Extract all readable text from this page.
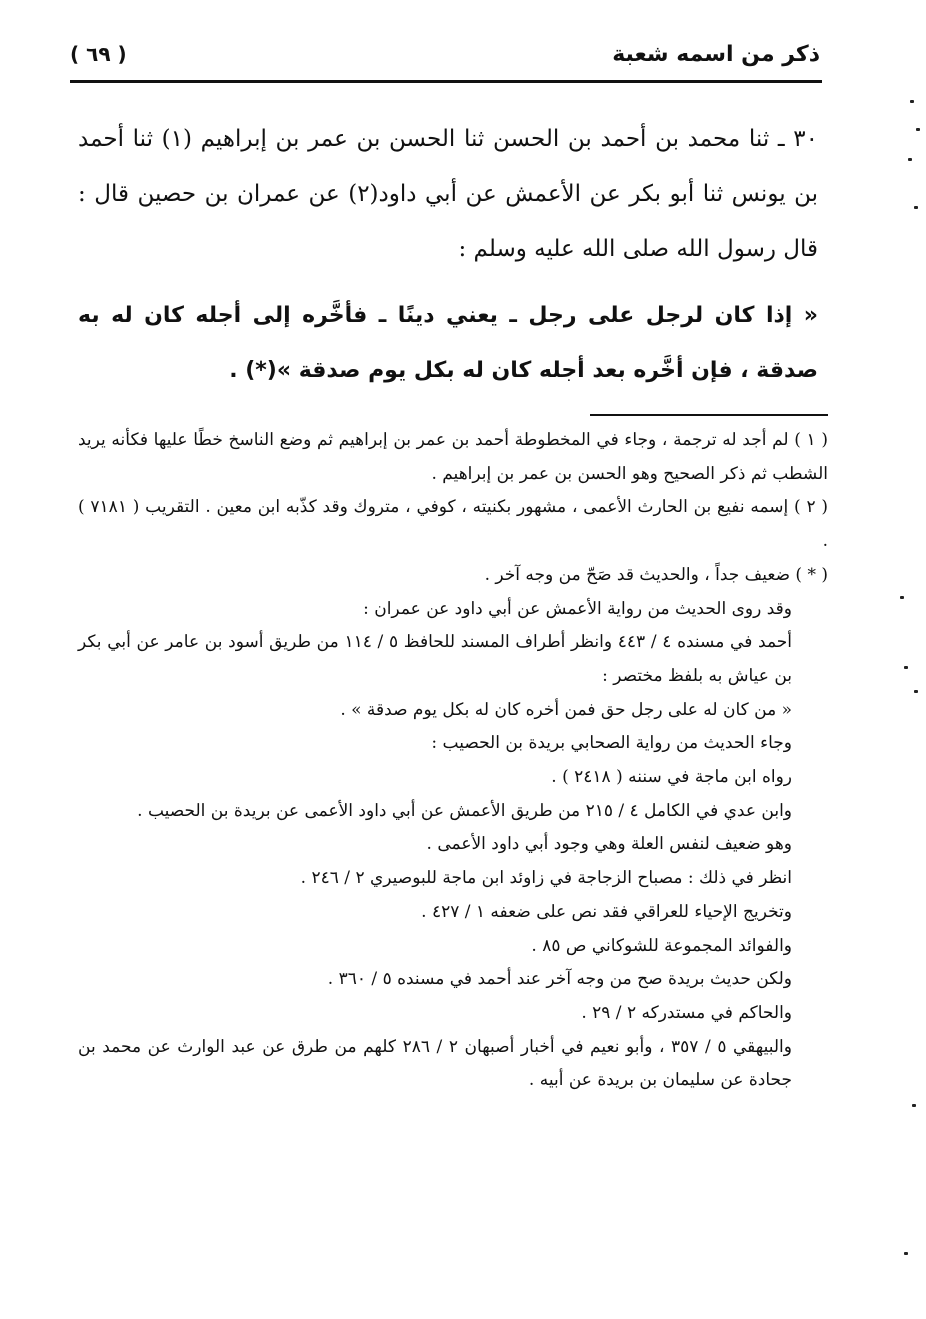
ذكر من اسمه شعبة
( ٦٩ )

٣٠ ـ ثنا محمد بن أحمد بن الحسن ثنا الحسن بن عمر بن إبراهيم (١) ثنا أحمد بن يونس ثنا أبو بكر عن الأعمش عن أبي داود(٢) عن عمران بن حصين قال : قال رسول الله صلى الله عليه وسلم :

« إذا كان لرجل على رجل ـ يعني دينًا ـ فأخَّره إلى أجله كان له به صدقة ، فإن أخَّره بعد أجله كان له بكل يوم صدقة »(*) .

( ١ ) لم أجد له ترجمة ، وجاء في المخطوطة أحمد بن عمر بن إبراهيم ثم وضع الناسخ خطًا عليها فكأنه يريد الشطب ثم ذكر الصحيح وهو الحسن بن عمر بن إبراهيم .

( ٢ ) إسمه نفيع بن الحارث الأعمى ، مشهور بكنيته ، كوفي ، متروك وقد كذّبه ابن معين . التقريب ( ٧١٨١ ) .

( * ) ضعيف جداً ، والحديث قد صَحّ من وجه آخر .

وقد روى الحديث من رواية الأعمش عن أبي داود عن عمران :

أحمد في مسنده ٤ / ٤٤٣ وانظر أطراف المسند للحافظ ٥ / ١١٤ من طريق أسود بن عامر عن أبي بكر بن عياش به بلفظ مختصر :

« من كان له على رجل حق فمن أخره كان له بكل يوم صدقة » .

وجاء الحديث من رواية الصحابي بريدة بن الحصيب :

رواه ابن ماجة في سننه ( ٢٤١٨ ) .

وابن عدي في الكامل ٤ / ٢١٥ من طريق الأعمش عن أبي داود الأعمى عن بريدة بن الحصيب .

وهو ضعيف لنفس العلة وهي وجود أبي داود الأعمى .

انظر في ذلك : مصباح الزجاجة في زاوئد ابن ماجة للبوصيري ٢ / ٢٤٦ .

وتخريج الإحياء للعراقي فقد نص على ضعفه ١ / ٤٢٧ .

والفوائد المجموعة للشوكاني ص ٨٥ .

ولكن حديث بريدة صح من وجه آخر عند أحمد في مسنده ٥ / ٣٦٠ .

والحاكم في مستدركه ٢ / ٢٩ .

والبيهقي ٥ / ٣٥٧ ، وأبو نعيم في أخبار أصبهان ٢ / ٢٨٦ كلهم من طرق عن عبد الوارث عن محمد بن جحادة عن سليمان بن بريدة عن أبيه .
